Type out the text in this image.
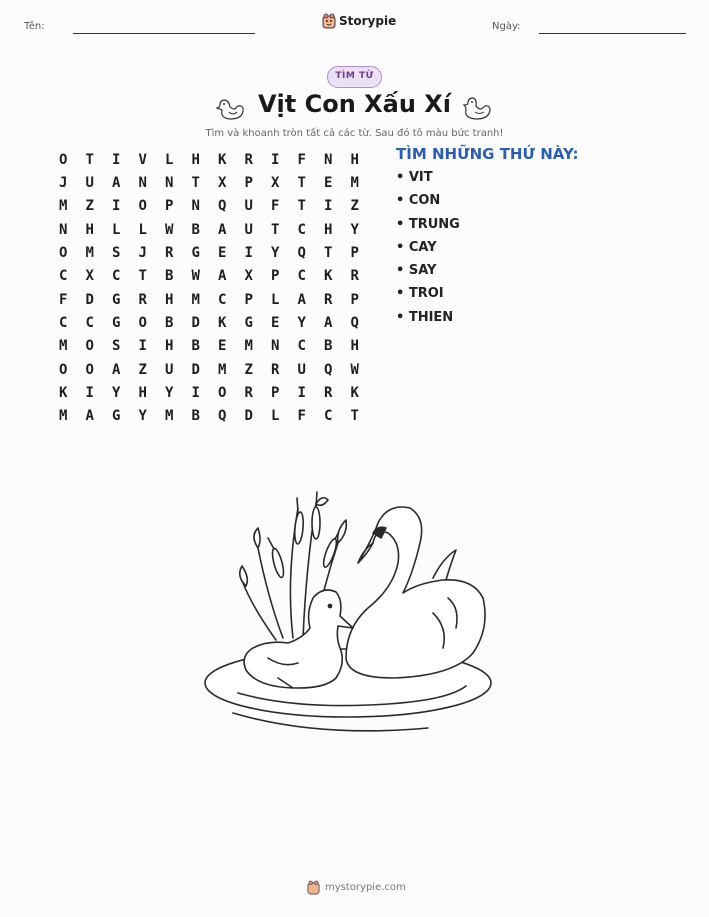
Tên:	Storypie	Ngày:
TÌM TỪ
Vịt Con Xấu Xí
Tìm và khoanh tròn tất cả các từ. Sau đó tô màu bức tranh!
O	T	I	V	L	H	K	R	I	F	N	H
J	U	A	N	N	T	X	P	X	T	E	M
M	Z	I	O	P	N	Q	U	F	T	I	Z
N	H	L	L	W	B	A	U	T	C	H	Y
O	M	S	J	R	G	E	I	Y	Q	T	P
C	X	C	T	B	W	A	X	P	C	K	R
F	D	G	R	H	M	C	P	L	A	R	P
C	C	G	O	B	D	K	G	E	Y	A	Q
M	O	S	I	H	B	E	M	N	C	B	H
O	O	A	Z	U	D	M	Z	R	U	Q	W
K	I	Y	H	Y	I	O	R	P	I	R	K
M	A	G	Y	M	B	Q	D	L	F	C	T
TÌM NHỮNG THỨ NÀY:
• VIT
• CON
• TRUNG
• CAY
• SAY
• TROI
• THIEN
mystorypie.com
